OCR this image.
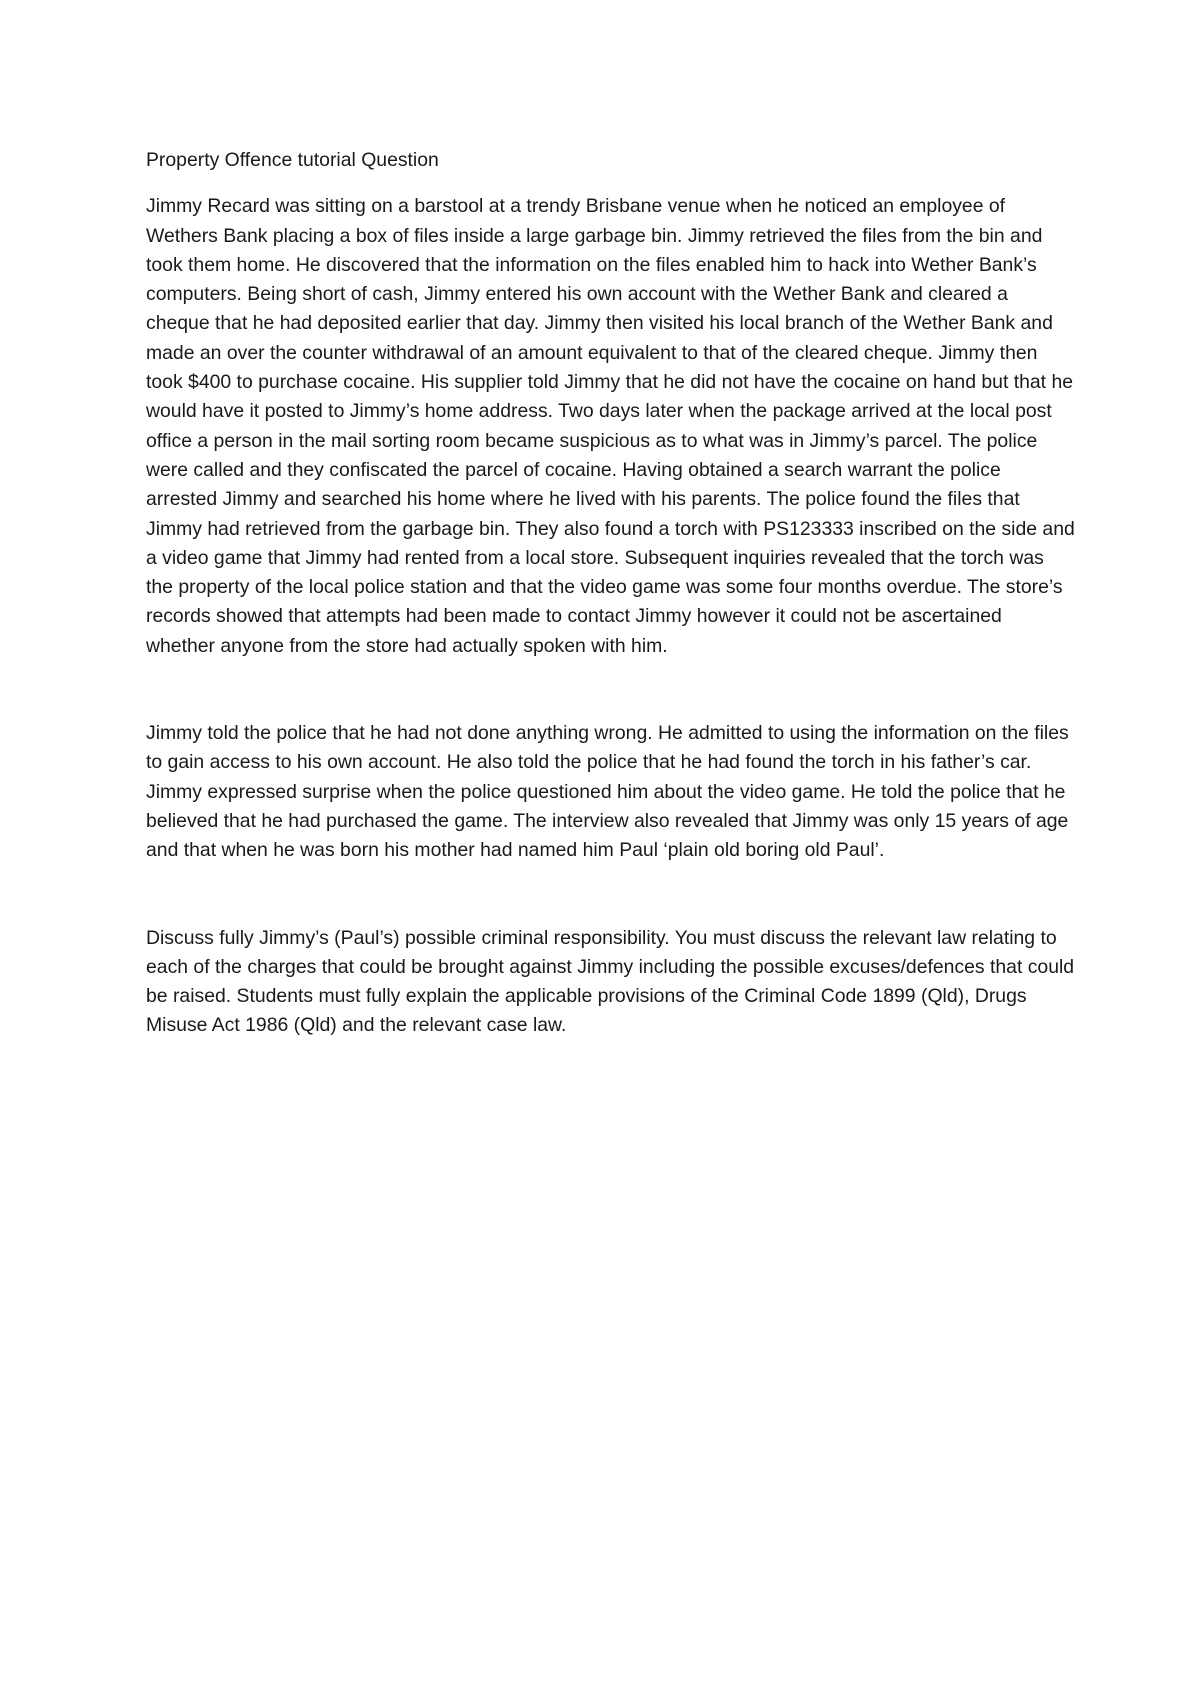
Property Offence tutorial Question

Jimmy Recard was sitting on a barstool at a trendy Brisbane venue when he noticed an employee of Wethers Bank placing a box of files inside a large garbage bin. Jimmy retrieved the files from the bin and took them home. He discovered that the information on the files enabled him to hack into Wether Bank’s computers. Being short of cash, Jimmy entered his own account with the Wether Bank and cleared a cheque that he had deposited earlier that day. Jimmy then visited his local branch of the Wether Bank and made an over the counter withdrawal of an amount equivalent to that of the cleared cheque. Jimmy then took $400 to purchase cocaine. His supplier told Jimmy that he did not have the cocaine on hand but that he would have it posted to Jimmy’s home address. Two days later when the package arrived at the local post office a person in the mail sorting room became suspicious as to what was in Jimmy’s parcel. The police were called and they confiscated the parcel of cocaine. Having obtained a search warrant the police arrested Jimmy and searched his home where he lived with his parents. The police found the files that Jimmy had retrieved from the garbage bin. They also found a torch with PS123333 inscribed on the side and a video game that Jimmy had rented from a local store. Subsequent inquiries revealed that the torch was the property of the local police station and that the video game was some four months overdue. The store’s records showed that attempts had been made to contact Jimmy however it could not be ascertained whether anyone from the store had actually spoken with him.

Jimmy told the police that he had not done anything wrong. He admitted to using the information on the files to gain access to his own account. He also told the police that he had found the torch in his father’s car. Jimmy expressed surprise when the police questioned him about the video game. He told the police that he believed that he had purchased the game. The interview also revealed that Jimmy was only 15 years of age and that when he was born his mother had named him Paul ‘plain old boring old Paul’.

Discuss fully Jimmy’s (Paul’s) possible criminal responsibility. You must discuss the relevant law relating to each of the charges that could be brought against Jimmy including the possible excuses/defences that could be raised. Students must fully explain the applicable provisions of the Criminal Code 1899 (Qld), Drugs Misuse Act 1986 (Qld) and the relevant case law.
